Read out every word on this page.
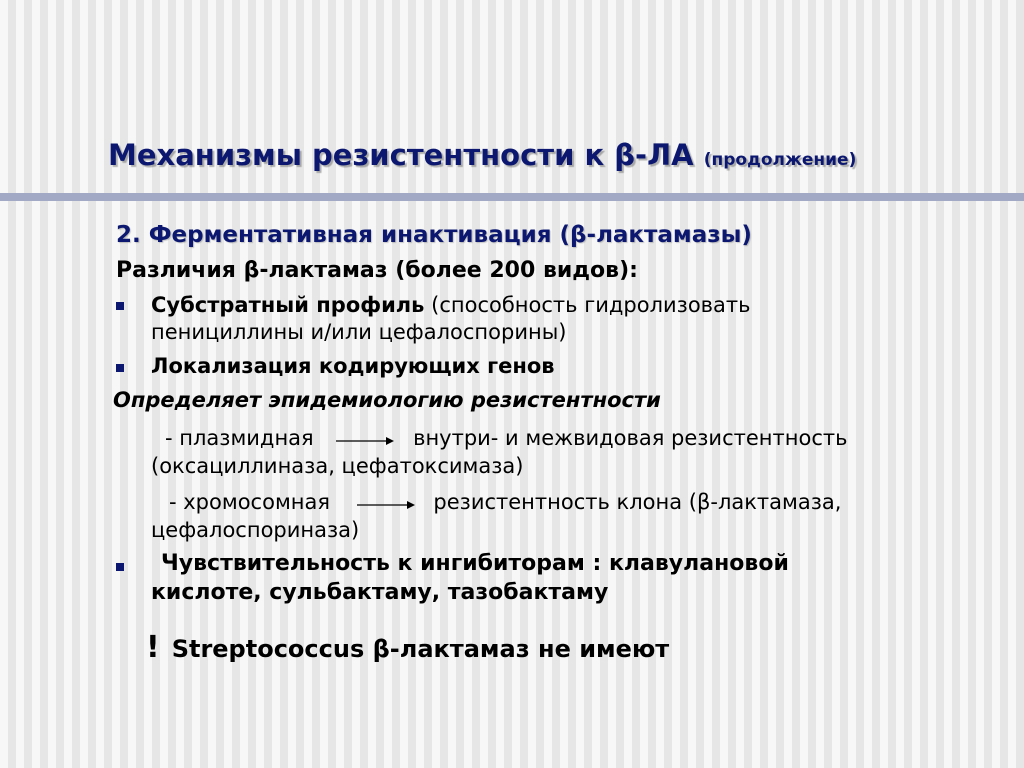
Механизмы резистентности к β-ЛА (продолжение)
2. Ферментативная инактивация (β-лактамазы)
Различия β-лактамаз (более 200 видов):
Субстратный профиль (способность гидролизовать
пенициллины и/или цефалоспорины)
Локализация кодирующих генов
Определяет эпидемиологию резистентности
- плазмидная	внутри- и межвидовая резистентность
(оксациллиназа, цефатоксимаза)
- хромосомная	резистентность клона (β-лактамаза,
цефалоспориназа)
Чувствительность к ингибиторам : клавулановой
кислоте, сульбактаму, тазобактаму
! Streptococcus β-лактамаз не имеют
